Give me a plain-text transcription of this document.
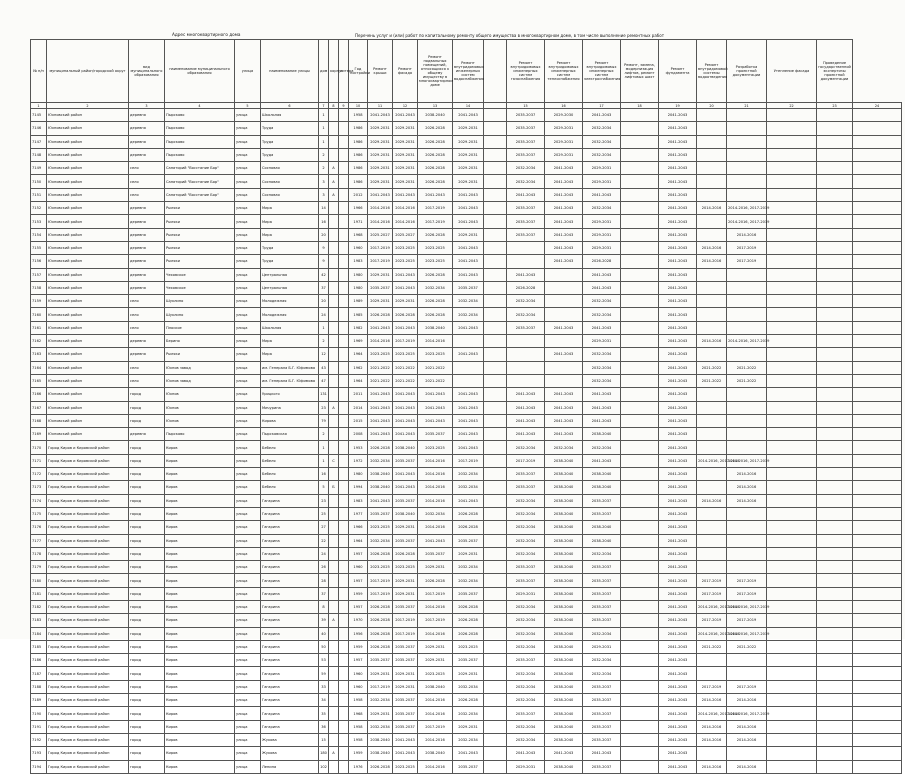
Адрес многоквартирного дома	Перечень услуг и (или) работ по капитальному ремонту общего имущества в многоквартирном доме, в том числе выполнение ремонтных работ
№ п/п	муниципальный район/городской округ	вид муниципального образования	наименование муниципального образования	улица	наименование улицы	дом	корпус	литера	Год постройки	Ремонт крыши	Ремонт фасада	Ремонт подвальных помещений, относящихся к общему имуществу в многоквартирном доме	Ремонт внутридомовых инженерных систем водоснабжения		Ремонт внутридомовых инженерных систем газоснабжения	Ремонт внутридомовых инженерных систем теплоснабжения	Ремонт внутридомовых инженерных систем электроснабжения	Ремонт, замена, модернизация лифтов, ремонт лифтовых шахт	Ремонт фундамента	Ремонт внутридомовой системы водоотведения	Разработка проектной документации	Утепление фасада	Проведение государственной экспертизы проектной документации	
1	2	3	4	5	6	7	8	9	10	11	12	13	14		15	16	17	18	19	20	21	22	23	24
7145	Юхновский район	деревня	Пырсково	улица	Школьная	1			1958	2041-2043	2041-2043	2038-2040	2041-2043		2035-2037	2029-2030	2041-2043		2041-2043					
7146	Юхновский район	деревня	Пырсково	улица	Трудa	1			1986	2029-2031	2029-2031	2026-2028	2029-2031		2035-2037	2029-2031	2032-2034		2041-2043					
7147	Юхновский район	деревня	Пырсково	улица	Трудa	1			1986	2029-2031	2029-2031	2026-2028	2029-2031		2035-2037	2029-2031	2032-2034		2041-2043					
7148	Юхновский район	деревня	Пырсково	улица	Трудa	2			1986	2029-2031	2029-2031	2026-2028	2029-2031		2035-2037	2029-2031	2032-2034		2041-2043					
7149	Юхновский район	село	Санаторий "Восстание Бор"	улица	Сосновая	2	A		1986	2029-2031	2029-2031	2026-2028	2029-2031		2032-2034	2041-2043	2029-2031		2041-2043					
7150	Юхновский район	село	Санаторий "Восстание Бор"	улица	Сосновая	3	A		1986	2029-2031	2029-2031	2026-2028	2029-2031		2032-2034	2041-2043	2029-2031		2041-2043					
7151	Юхновский район	село	Санаторий "Восстание Бор"	улица	Сосновая	3	A		2012	2041-2043	2041-2043	2041-2043	2041-2043		2041-2043	2041-2043	2041-2043		2041-2043					
7152	Юхновский район	деревня	Рыляки	улица	Мира	14			1966	2014-2016	2014-2016	2017-2019	2041-2043		2035-2037	2041-2043	2032-2034		2041-2043	2014-2016	2014-2016, 2017-2019			
7153	Юхновский район	деревня	Рыляки	улица	Мира	16			1971	2014-2016	2014-2016	2017-2019	2041-2043		2035-2037	2041-2043	2029-2031		2041-2043		2014-2016, 2017-2019			
7154	Юхновский район	деревня	Рыляки	улица	Мира	20			1968	2025-2027	2025-2027	2026-2028	2029-2031		2035-2037	2041-2043	2029-2031		2041-2043		2014-2016			
7155	Юхновский район	деревня	Рыляки	улица	Трудa	9			1960	2017-2019	2023-2025	2023-2025	2041-2043			2041-2043	2029-2031		2041-2043	2014-2016	2017-2019			
7156	Юхновский район	деревня	Рыляки	улица	Трудa	9			1983	2017-2019	2023-2025	2023-2025	2041-2043			2041-2043	2026-2028		2041-2043	2014-2016	2017-2019			
7157	Юхновский район	деревня	Чеховское	улица	Центральная	42			1980	2029-2031	2041-2043	2026-2028	2041-2043		2041-2043		2041-2043		2041-2043					
7158	Юхновский район	деревня	Чеховское	улица	Центральная	37			1980	2035-2037	2041-2043	2032-2034	2035-2037		2026-2028		2041-2043		2041-2043					
7159	Юхновский район	село	Шуклино	улица	Молодежная	20			1989	2029-2031	2029-2031	2026-2028	2032-2034		2032-2034		2032-2034		2041-2043					
7160	Юхновский район	село	Шуклино	улица	Молодежная	24			1985	2026-2028	2026-2028	2026-2028	2032-2034		2032-2034		2032-2034		2041-2043					
7161	Юхновский район	село	Плоское	улица	Школьная	1			1982	2041-2043	2041-2043	2038-2040	2041-2043		2035-2037	2041-2043	2041-2043		2041-2043					
7162	Юхновский район	деревня	Берино	улица	Мира	2			1969	2014-2016	2017-2019	2014-2016					2029-2031		2041-2043	2014-2016	2014-2016, 2017-2019			
7163	Юхновский район	деревня	Рыляки	улица	Мира	12			1964	2023-2025	2023-2025	2023-2025	2041-2043			2041-2043	2032-2034		2041-2043					
7164	Юхновский район	село	Юхнов завод	улица	им. Генерала Б.Г. Юфимова	43			1962	2021-2022	2021-2022	2021-2022					2032-2034		2041-2043	2021-2022	2021-2022			
7165	Юхновский район	село	Юхнов завод	улица	им. Генерала Б.Г. Юфимова	47			1964	2021-2022	2021-2022	2021-2022					2032-2034		2041-2043	2021-2022	2021-2022			
7166	Юхновский район	город	Юхнов	улица	Урицкого	131			2011	2041-2043	2041-2043	2041-2043	2041-2043		2041-2043	2041-2043	2041-2043		2041-2043					
7167	Юхновский район	город	Юхнов	улица	Мичурина	23	A		2014	2041-2043	2041-2043	2041-2043	2041-2043		2041-2043	2041-2043	2041-2043		2041-2043					
7168	Юхновский район	город	Юхнов	улица	Кирова	79			2015	2041-2043	2041-2043	2041-2043	2041-2043		2041-2043	2041-2043	2041-2043		2041-2043					
7169	Юхновский район	деревня	Пырсково	улица	Пырсковская	2			2008	2041-2043	2041-2043	2035-2037	2041-2043		2041-2043	2041-2043	2038-2040		2041-2043					
7170	Город Киров и Кировский район	город	Киров	улица	Бебеля	1			1953	2026-2028	2038-2040	2023-2025	2041-2043		2032-2034	2032-2034	2032-2034		2041-2043					
7171	Город Киров и Кировский район	город	Киров	улица	Бебеля	1	C		1972	2032-2034	2035-2037	2014-2016	2017-2019		2017-2019	2038-2040	2041-2043		2041-2043	2014-2016, 2017-2019	2014-2016, 2017-2019			
7172	Город Киров и Кировский район	город	Киров	улица	Бебеля	16			1980	2038-2040	2041-2043	2014-2016	2032-2034		2035-2037	2038-2040	2038-2040		2041-2043		2014-2016			
7173	Город Киров и Кировский район	город	Киров	улица	Бебеля	5	Б		1994	2038-2040	2041-2043	2014-2016	2032-2034		2035-2037	2038-2040	2038-2040		2041-2043		2014-2016			
7174	Город Киров и Кировский район	город	Киров	улица	Гагарина	23			1983	2041-2043	2035-2037	2014-2016	2041-2043		2032-2034	2038-2040	2035-2037		2041-2043	2014-2016	2014-2016			
7175	Город Киров и Кировский район	город	Киров	улица	Гагарина	25			1977	2035-2037	2038-2040	2032-2034	2026-2028		2032-2034	2038-2040	2035-2037		2041-2043					
7176	Город Киров и Кировский район	город	Киров	улица	Гагарина	27			1966	2023-2025	2029-2031	2014-2016	2026-2028		2032-2034	2038-2040	2038-2040		2041-2043					
7177	Город Киров и Кировский район	город	Киров	улица	Гагарина	22			1964	2032-2034	2035-2037	2041-2043	2035-2037		2032-2034	2038-2040	2038-2040		2041-2043					
7178	Город Киров и Кировский район	город	Киров	улица	Гагарина	24			1957	2026-2028	2026-2028	2035-2037	2029-2031		2032-2034	2038-2040	2032-2034		2041-2043					
7179	Город Киров и Кировский район	город	Киров	улица	Гагарина	26			1960	2023-2025	2023-2025	2029-2031	2032-2034		2035-2037	2038-2040	2035-2037		2041-2043					
7180	Город Киров и Кировский район	город	Киров	улица	Гагарина	28			1957	2017-2019	2029-2031	2026-2028	2032-2034		2035-2037	2038-2040	2035-2037		2041-2043	2017-2019	2017-2019			
7181	Город Киров и Кировский район	город	Киров	улица	Гагарина	37			1959	2017-2019	2029-2031	2017-2019	2035-2037		2029-2031	2038-2040	2035-2037		2041-2043	2017-2019	2017-2019			
7182	Город Киров и Кировский район	город	Киров	улица	Гагарина	8			1957	2026-2028	2035-2037	2014-2016	2026-2028		2032-2034	2038-2040	2035-2037		2041-2043	2014-2016, 2017-2019	2014-2016, 2017-2019			
7183	Город Киров и Кировский район	город	Киров	улица	Гагарина	39	A		1970	2026-2028	2017-2019	2017-2019	2026-2028		2032-2034	2038-2040	2035-2037		2041-2043	2017-2019	2017-2019			
7184	Город Киров и Кировский район	город	Киров	улица	Гагарина	40			1956	2026-2028	2017-2019	2014-2016	2026-2028		2032-2034	2038-2040	2032-2034		2041-2043	2014-2016, 2017-2019	2014-2016, 2017-2019			
7185	Город Киров и Кировский район	город	Киров	улица	Гагарина	50			1959	2026-2028	2035-2037	2029-2031	2023-2025		2032-2034	2038-2040	2029-2031		2041-2043	2021-2022	2021-2022			
7186	Город Киров и Кировский район	город	Киров	улица	Гагарина	53			1957	2035-2037	2035-2037	2029-2031	2035-2037		2035-2037	2038-2040	2032-2034		2041-2043					
7187	Город Киров и Кировский район	город	Киров	улица	Гагарина	59			1960	2029-2031	2029-2031	2023-2025	2029-2031		2032-2034	2038-2040	2032-2034		2041-2043					
7188	Город Киров и Кировский район	город	Киров	улица	Гагарина	33			1960	2017-2019	2029-2031	2038-2040	2032-2034		2032-2034	2038-2040	2035-2037		2041-2043	2017-2019	2017-2019			
7189	Город Киров и Кировский район	город	Киров	улица	Гагарина	34			1958	2032-2034	2035-2037	2014-2016	2026-2028		2032-2034	2038-2040	2035-2037		2041-2043	2014-2016	2014-2016			
7190	Город Киров и Кировский район	город	Киров	улица	Гагарина	35			1968	2029-2031	2035-2037	2014-2016	2032-2034		2035-2037	2038-2040	2035-2037		2041-2043	2014-2016, 2017-2019	2014-2016, 2017-2019			
7191	Город Киров и Кировский район	город	Киров	улица	Гагарина	36			1958	2032-2034	2035-2037	2017-2019	2029-2031		2032-2034	2038-2040	2035-2037		2041-2043	2014-2016	2014-2016			
7192	Город Киров и Кировский район	город	Киров	улица	Жукова	15			1958	2038-2040	2041-2043	2014-2016	2032-2034		2032-2034	2038-2040	2035-2037		2041-2043	2014-2016	2014-2016			
7193	Город Киров и Кировский район	город	Киров	улица	Жукова	180	A		1959	2038-2040	2041-2043	2038-2040	2041-2043		2041-2043	2041-2043	2041-2043		2041-2043					
7194	Город Киров и Кировский район	город	Киров	улица	Ленина	102			1976	2026-2028	2023-2025	2014-2016	2035-2037		2029-2031	2038-2040	2035-2037		2041-2043	2014-2016	2014-2016			
